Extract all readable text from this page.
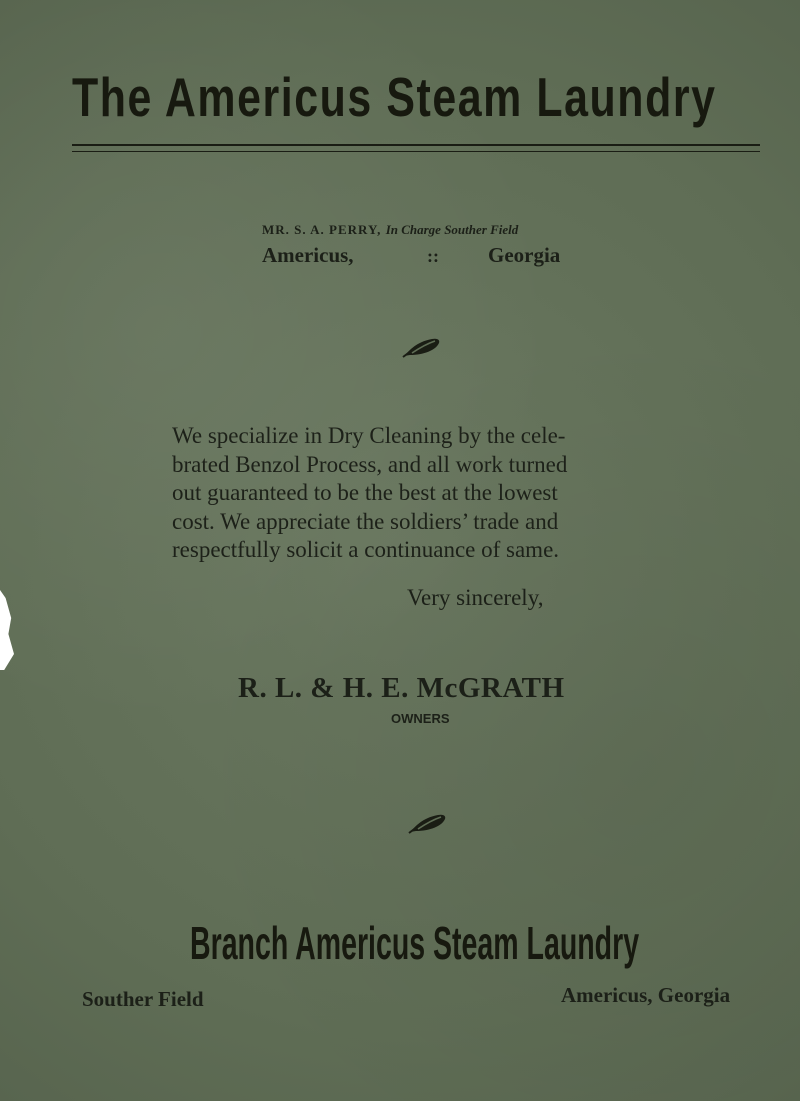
The Americus Steam Laundry
MR. S. A. PERRY, In Charge Souther Field
Americus,	:: Georgia
We specialize in Dry Cleaning by the cele-
brated Benzol Process, and all work turned
out guaranteed to be the best at the lowest
cost. We appreciate the soldiers’ trade and
respectfully solicit a continuance of same.
Very sincerely,
R. L. & H. E. McGRATH
OWNERS
Branch Americus Steam Laundry
Souther Field	Americus, Georgia
